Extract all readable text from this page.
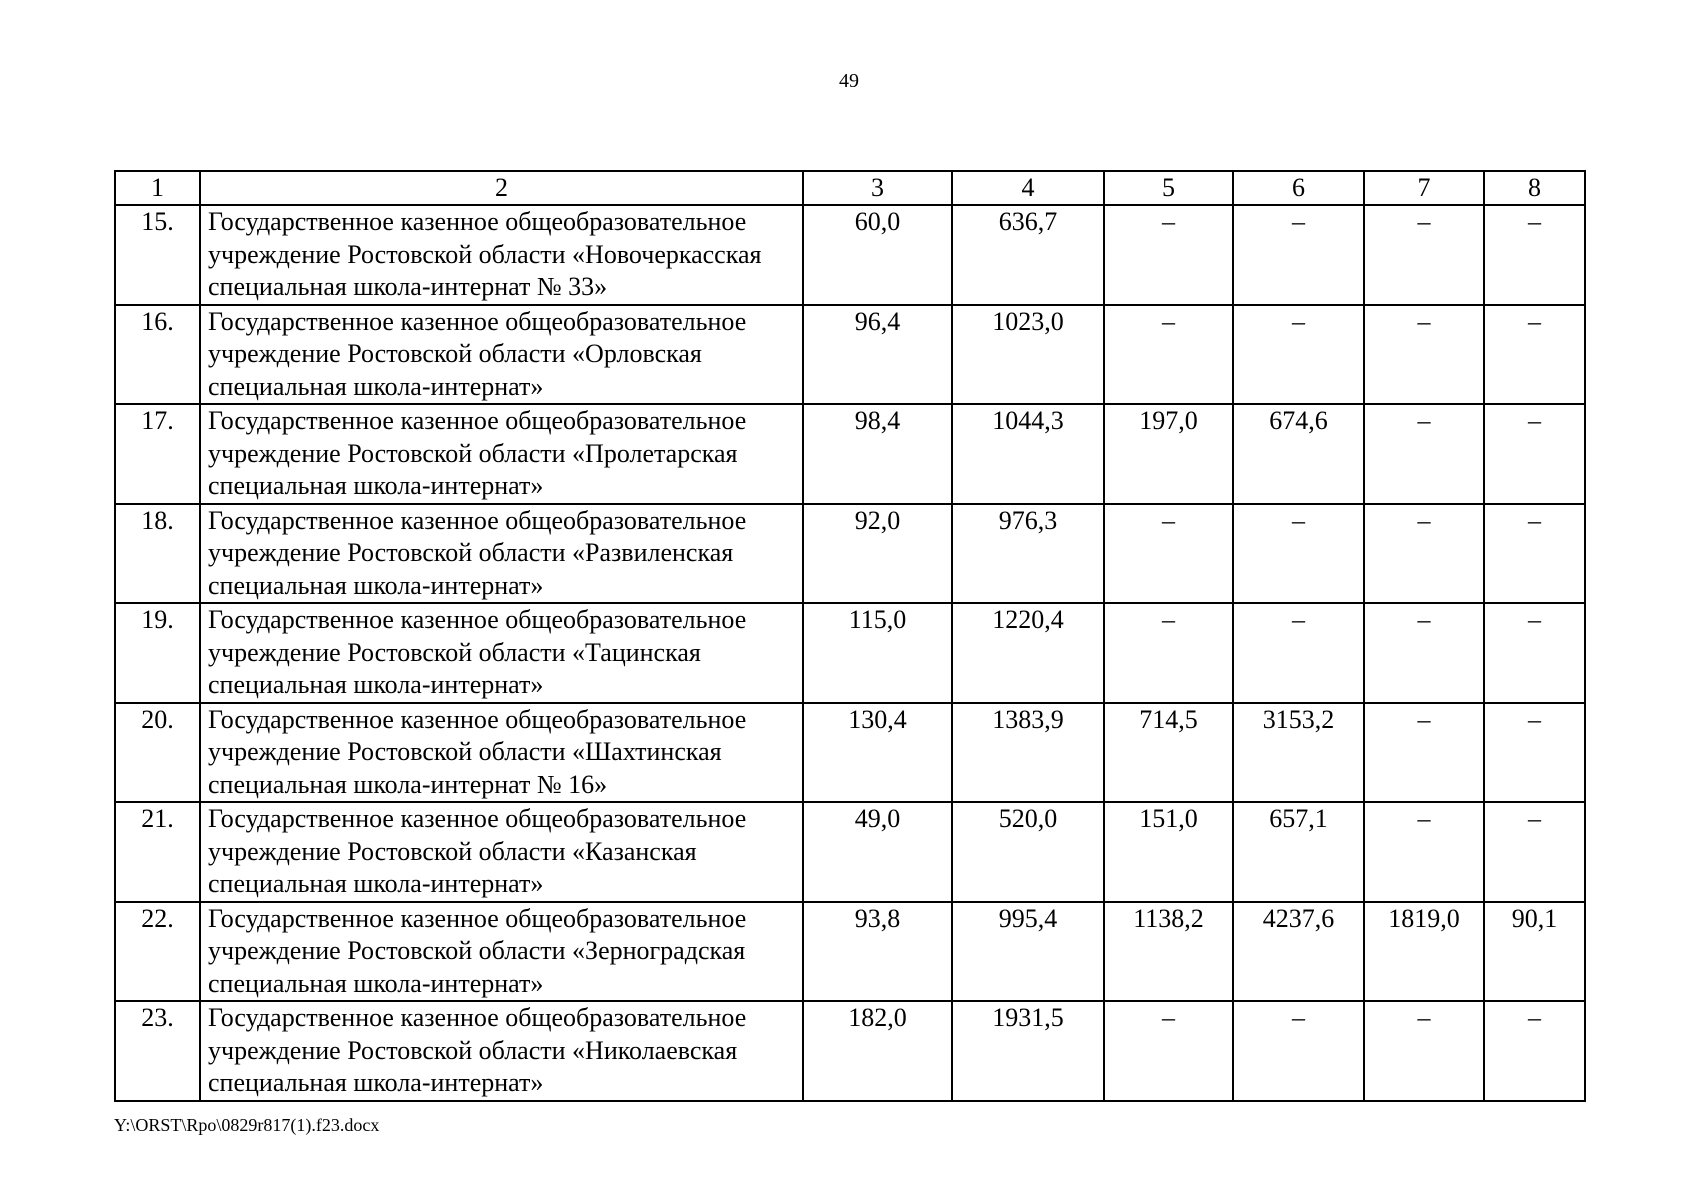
49
1	2	3	4	5	6	7	8
15.	Государственное казенное общеобразовательное учреждение Ростовской области «Новочеркасская специальная школа-интернат № 33»	60,0	636,7	–	–	–	–
16.	Государственное казенное общеобразовательное учреждение Ростовской области «Орловская специальная школа-интернат»	96,4	1023,0	–	–	–	–
17.	Государственное казенное общеобразовательное учреждение Ростовской области «Пролетарская специальная школа-интернат»	98,4	1044,3	197,0	674,6	–	–
18.	Государственное казенное общеобразовательное учреждение Ростовской области «Развиленская специальная школа-интернат»	92,0	976,3	–	–	–	–
19.	Государственное казенное общеобразовательное учреждение Ростовской области «Тацинская специальная школа-интернат»	115,0	1220,4	–	–	–	–
20.	Государственное казенное общеобразовательное учреждение Ростовской области «Шахтинская специальная школа-интернат № 16»	130,4	1383,9	714,5	3153,2	–	–
21.	Государственное казенное общеобразовательное учреждение Ростовской области «Казанская специальная школа-интернат»	49,0	520,0	151,0	657,1	–	–
22.	Государственное казенное общеобразовательное учреждение Ростовской области «Зерноградская специальная школа-интернат»	93,8	995,4	1138,2	4237,6	1819,0	90,1
23.	Государственное казенное общеобразовательное учреждение Ростовской области «Николаевская специальная школа-интернат»	182,0	1931,5	–	–	–	–
Y:\ORST\Rpo\0829r817(1).f23.docx
